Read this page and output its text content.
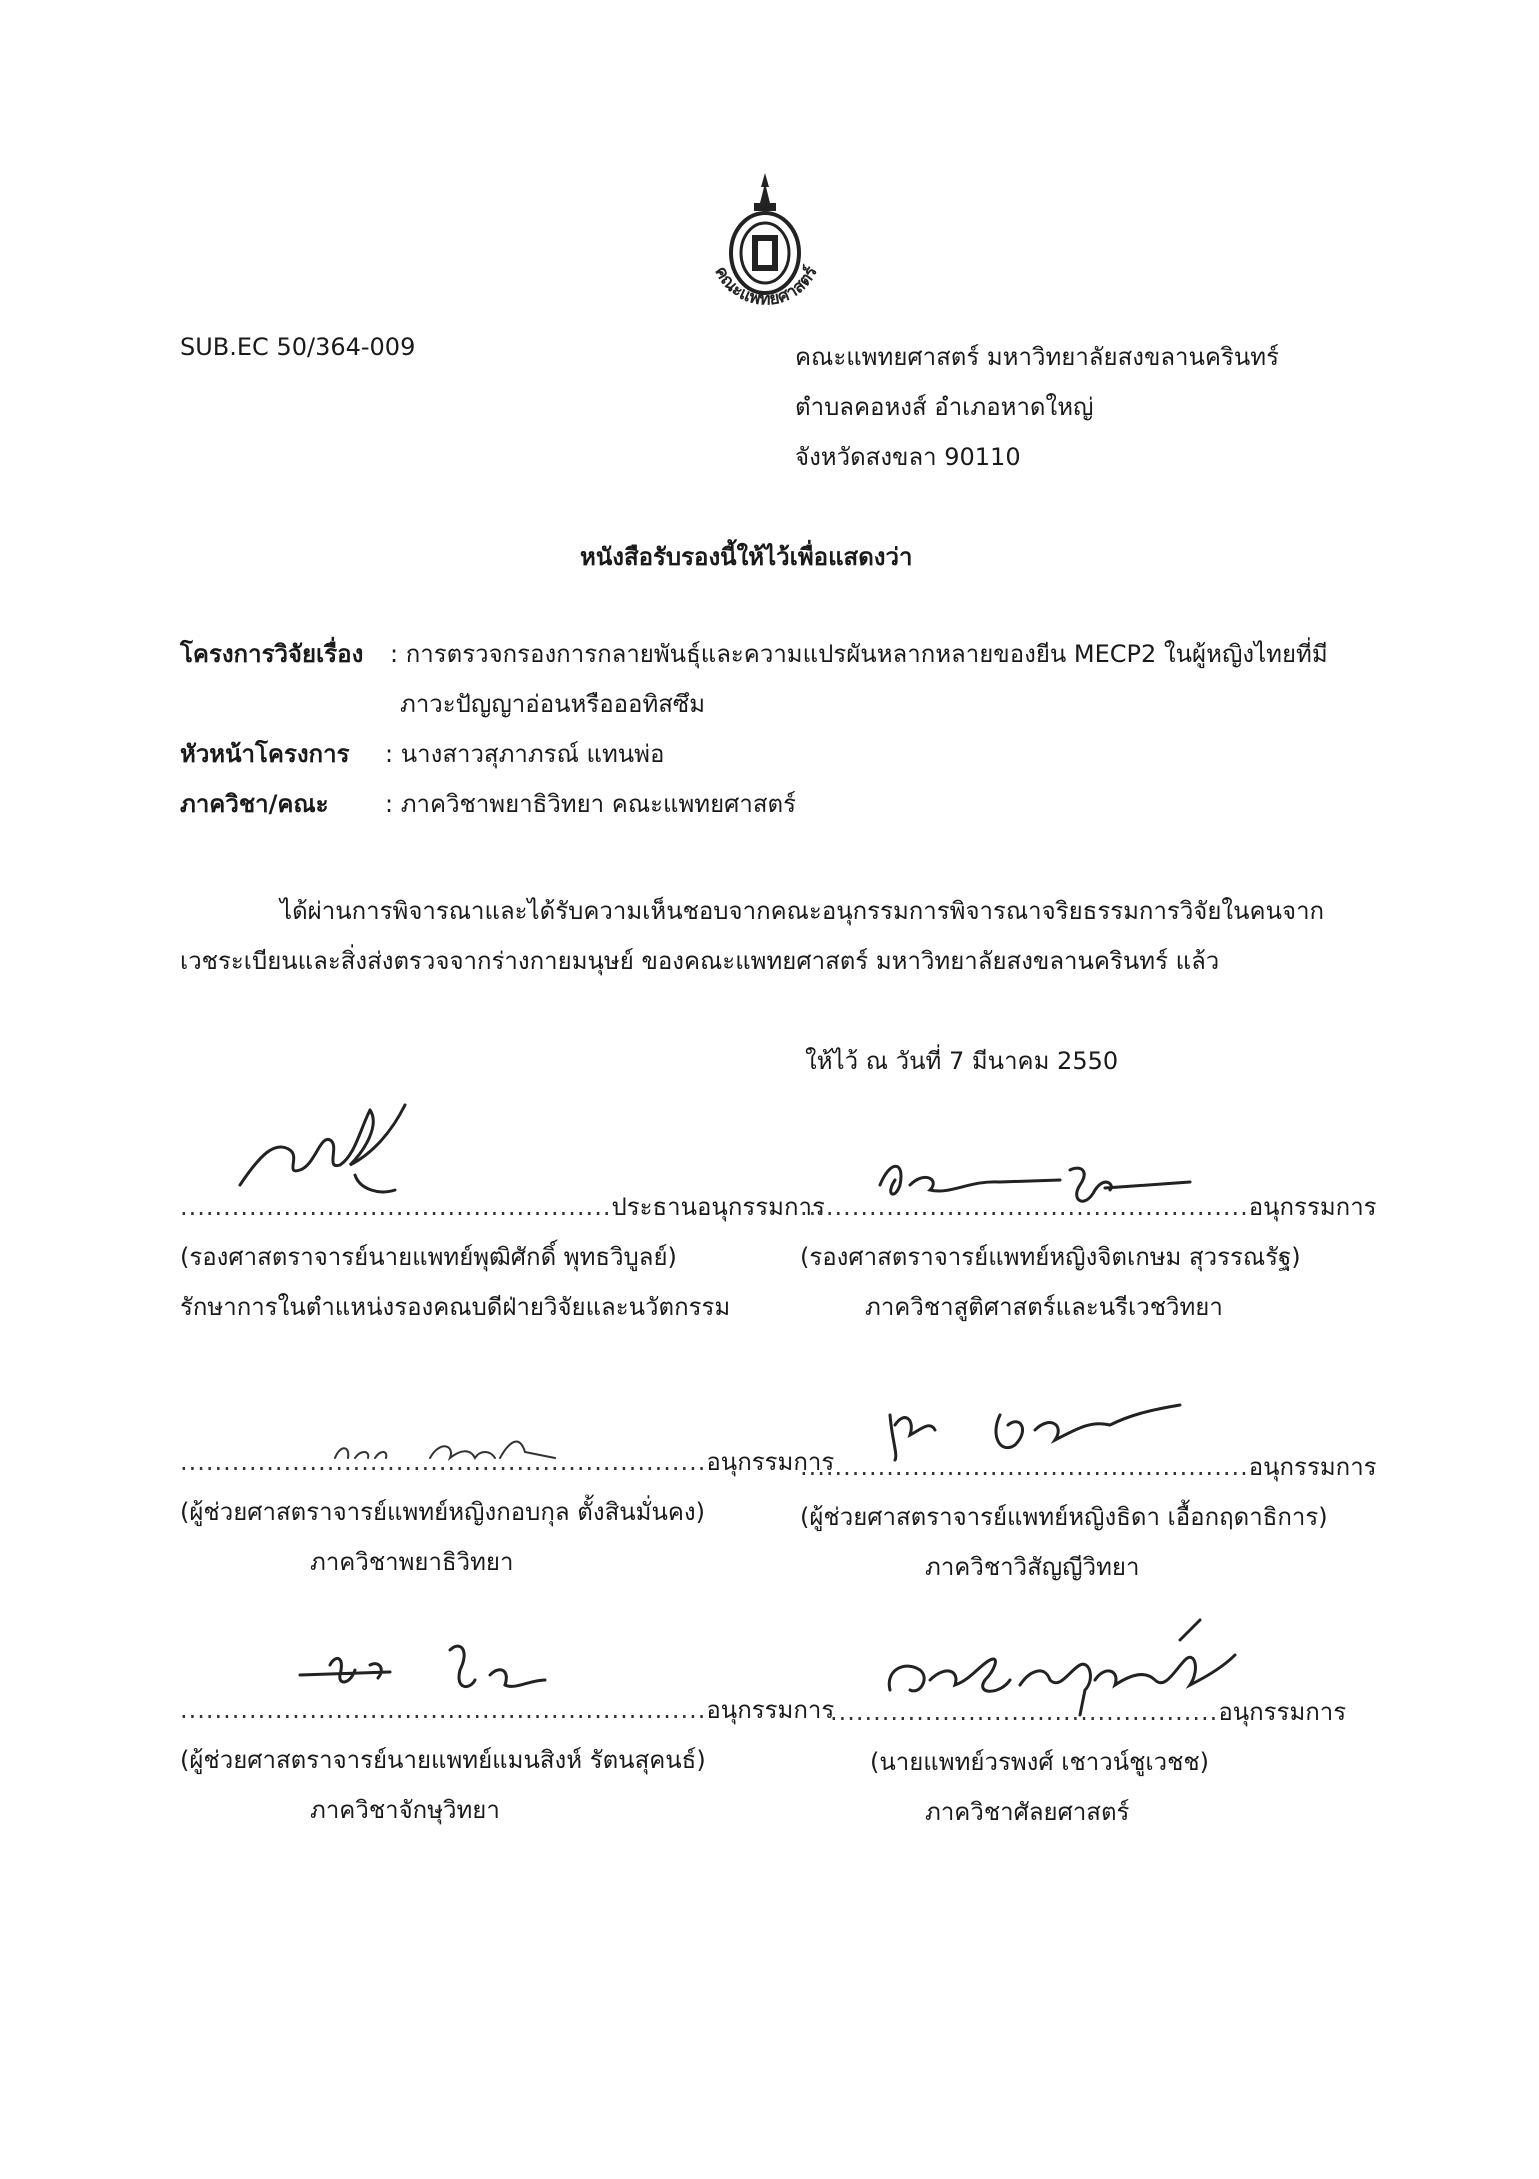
คณะแพทยศาสตร์
SUB.EC 50/364-009	คณะแพทยศาสตร์ มหาวิทยาลัยสงขลานครินทร์
ตำบลคอหงส์ อำเภอหาดใหญ่
จังหวัดสงขลา 90110
หนังสือรับรองนี้ให้ไว้เพื่อแสดงว่า
โครงการวิจัยเรื่อง : การตรวจกรองการกลายพันธุ์และความแปรผันหลากหลายของยีน MECP2 ในผู้หญิงไทยที่มี
ภาวะปัญญาอ่อนหรือออทิสซึม
หัวหน้าโครงการ : นางสาวสุภาภรณ์ แทนพ่อ
ภาควิชา/คณะ : ภาควิชาพยาธิวิทยา คณะแพทยศาสตร์
ได้ผ่านการพิจารณาและได้รับความเห็นชอบจากคณะอนุกรรมการพิจารณาจริยธรรมการวิจัยในคนจาก
เวชระเบียนและสิ่งส่งตรวจจากร่างกายมนุษย์ ของคณะแพทยศาสตร์ มหาวิทยาลัยสงขลานครินทร์ แล้ว
ให้ไว้ ณ วันที่ 7 มีนาคม 2550
..................................................ประธานอนุกรรมการ
(รองศาสตราจารย์นายแพทย์พุฒิศักดิ์ พุทธวิบูลย์)
รักษาการในตำแหน่งรองคณบดีฝ่ายวิจัยและนวัตกรรม
....................................................อนุกรรมการ
(รองศาสตราจารย์แพทย์หญิงจิตเกษม สุวรรณรัฐ)
ภาควิชาสูติศาสตร์และนรีเวชวิทยา
.............................................................อนุกรรมการ
(ผู้ช่วยศาสตราจารย์แพทย์หญิงกอบกุล ตั้งสินมั่นคง)
ภาควิชาพยาธิวิทยา
....................................................อนุกรรมการ
(ผู้ช่วยศาสตราจารย์แพทย์หญิงธิดา เอื้อกฤดาธิการ)
ภาควิชาวิสัญญีวิทยา
.............................................................อนุกรรมการ
(ผู้ช่วยศาสตราจารย์นายแพทย์แมนสิงห์ รัตนสุคนธ์)
ภาควิชาจักษุวิทยา
.............................................อนุกรรมการ
(นายแพทย์วรพงศ์ เชาวน์ชูเวชช)
ภาควิชาศัลยศาสตร์
